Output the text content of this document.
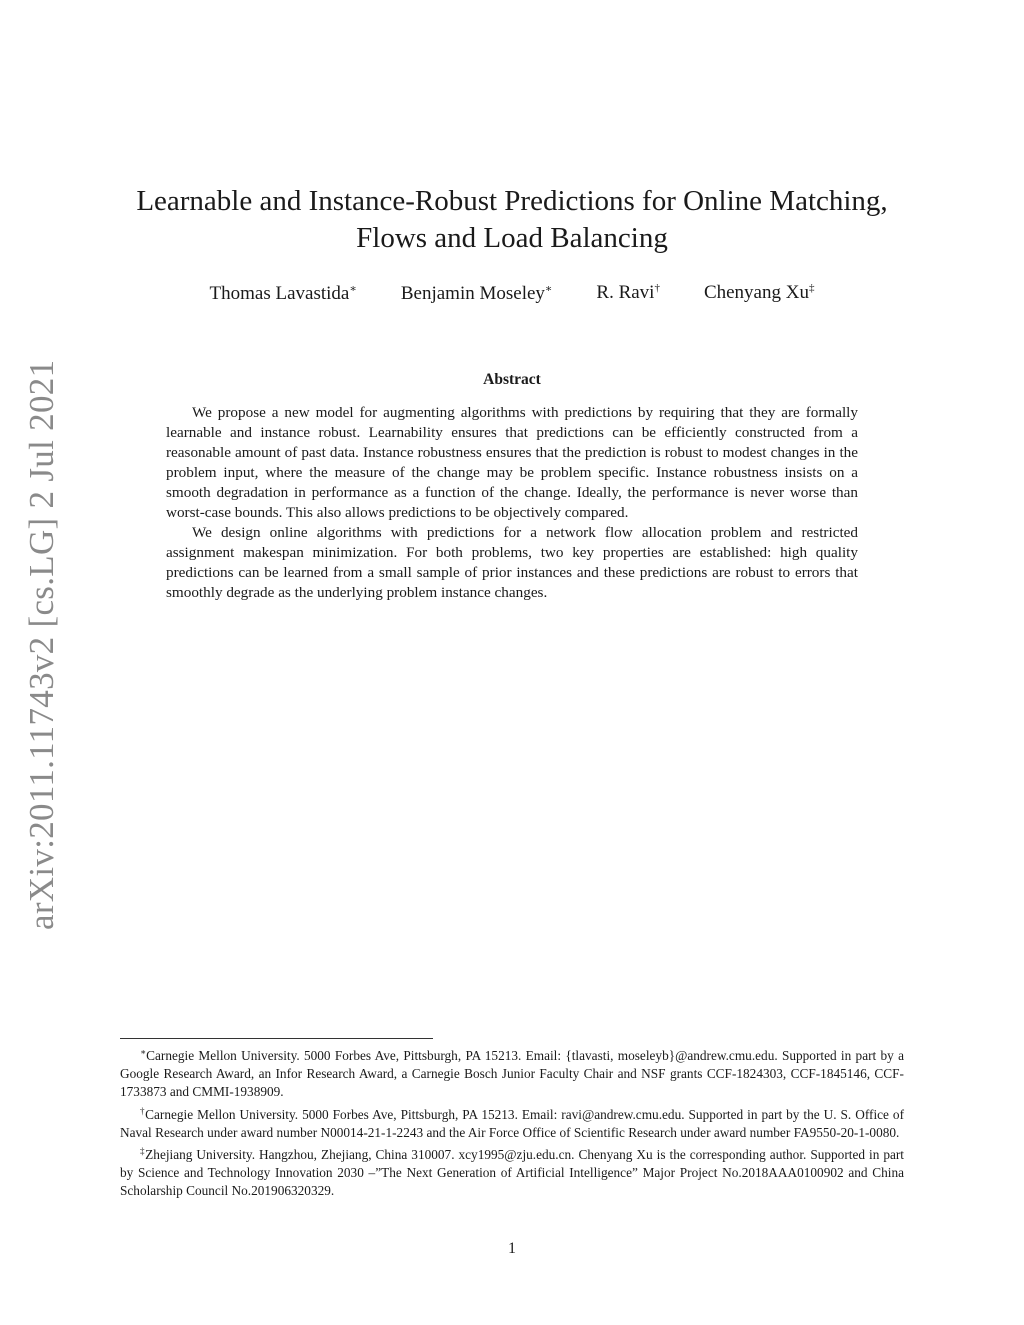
arXiv:2011.11743v2 [cs.LG] 2 Jul 2021
Learnable and Instance-Robust Predictions for Online Matching,
Flows and Load Balancing
Thomas Lavastida∗ Benjamin Moseley∗ R. Ravi† Chenyang Xu‡
Abstract

We propose a new model for augmenting algorithms with predictions by requiring that they are formally learnable and instance robust. Learnability ensures that predictions can be efficiently constructed from a reasonable amount of past data. Instance robustness ensures that the prediction is robust to modest changes in the problem input, where the measure of the change may be problem specific. Instance robustness insists on a smooth degradation in performance as a function of the change. Ideally, the performance is never worse than worst-case bounds. This also allows predictions to be objectively compared.

We design online algorithms with predictions for a network flow allocation problem and restricted assignment makespan minimization. For both problems, two key properties are established: high quality predictions can be learned from a small sample of prior instances and these predictions are robust to errors that smoothly degrade as the underlying problem instance changes.

∗Carnegie Mellon University. 5000 Forbes Ave, Pittsburgh, PA 15213. Email: {tlavasti, moseleyb}@andrew.cmu.edu. Supported in part by a Google Research Award, an Infor Research Award, a Carnegie Bosch Junior Faculty Chair and NSF grants CCF-1824303, CCF-1845146, CCF-1733873 and CMMI-1938909.

†Carnegie Mellon University. 5000 Forbes Ave, Pittsburgh, PA 15213. Email: ravi@andrew.cmu.edu. Supported in part by the U. S. Office of Naval Research under award number N00014-21-1-2243 and the Air Force Office of Scientific Research under award number FA9550-20-1-0080.

‡Zhejiang University. Hangzhou, Zhejiang, China 310007. xcy1995@zju.edu.cn. Chenyang Xu is the corresponding author. Supported in part by Science and Technology Innovation 2030 –”The Next Generation of Artificial Intelligence” Major Project No.2018AAA0100902 and China Scholarship Council No.201906320329.

1
